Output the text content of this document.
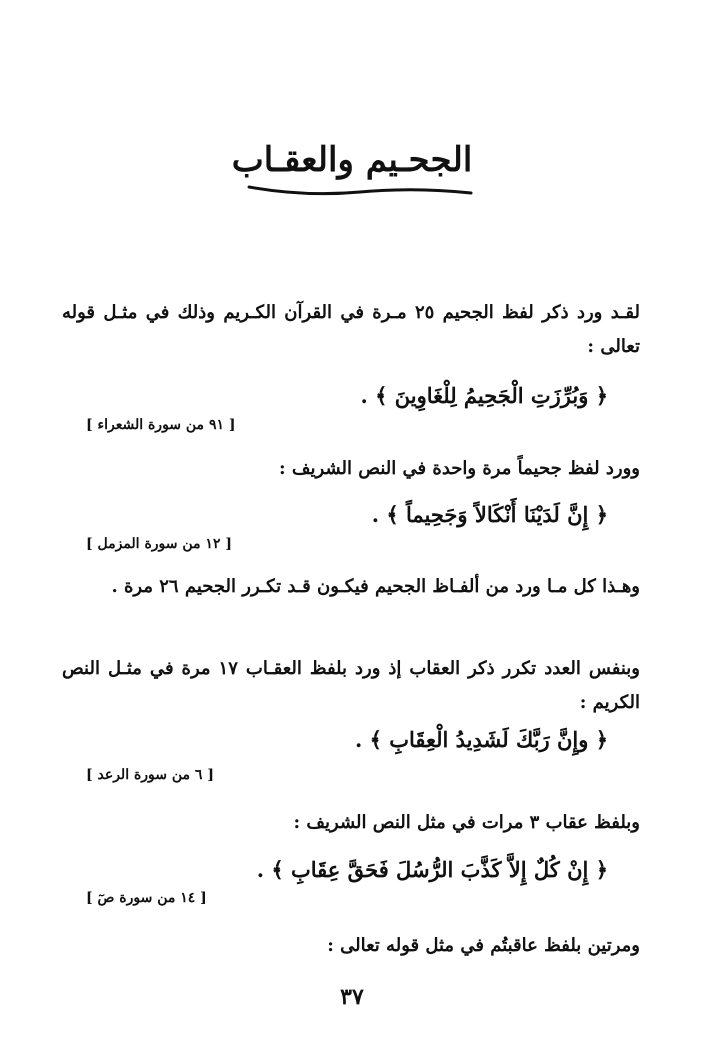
الجحـيم والعقـاب
لقـد ورد ذكر لفظ الجحيم ٢٥ مـرة في القرآن الكـريم وذلك في مثـل قوله تعالى :
﴿ وَبُرِّزَتِ الْجَحِيمُ لِلْغَاوِينَ ﴾ .
[ ٩١ من سورة الشعراء ]
وورد لفظ جحيماً مرة واحدة في النص الشريف :
﴿ إِنَّ لَدَيْنَا أَنْكَالاً وَجَحِيماً ﴾ .
[ ١٢ من سورة المزمل ]
وهـذا كل مـا ورد من ألفـاظ الجحيم فيكـون قـد تكـرر الجحيم ٢٦ مرة .
وبنفس العدد تكرر ذكر العقاب إذ ورد بلفظ العقـاب ١٧ مرة في مثـل النص الكريم :
﴿ وإِنَّ رَبَّكَ لَشَدِيدُ الْعِقَابِ ﴾ .
[ ٦ من سورة الرعد ]
وبلفظ عقاب ٣ مرات في مثل النص الشريف :
﴿ إِنْ كُلٌ إِلاَّ كَذَّبَ الرُّسُلَ فَحَقَّ عِقَابِ ﴾ .
[ ١٤ من سورة صٓ ]
ومرتين بلفظ عاقبتُم في مثل قوله تعالى :
٣٧
